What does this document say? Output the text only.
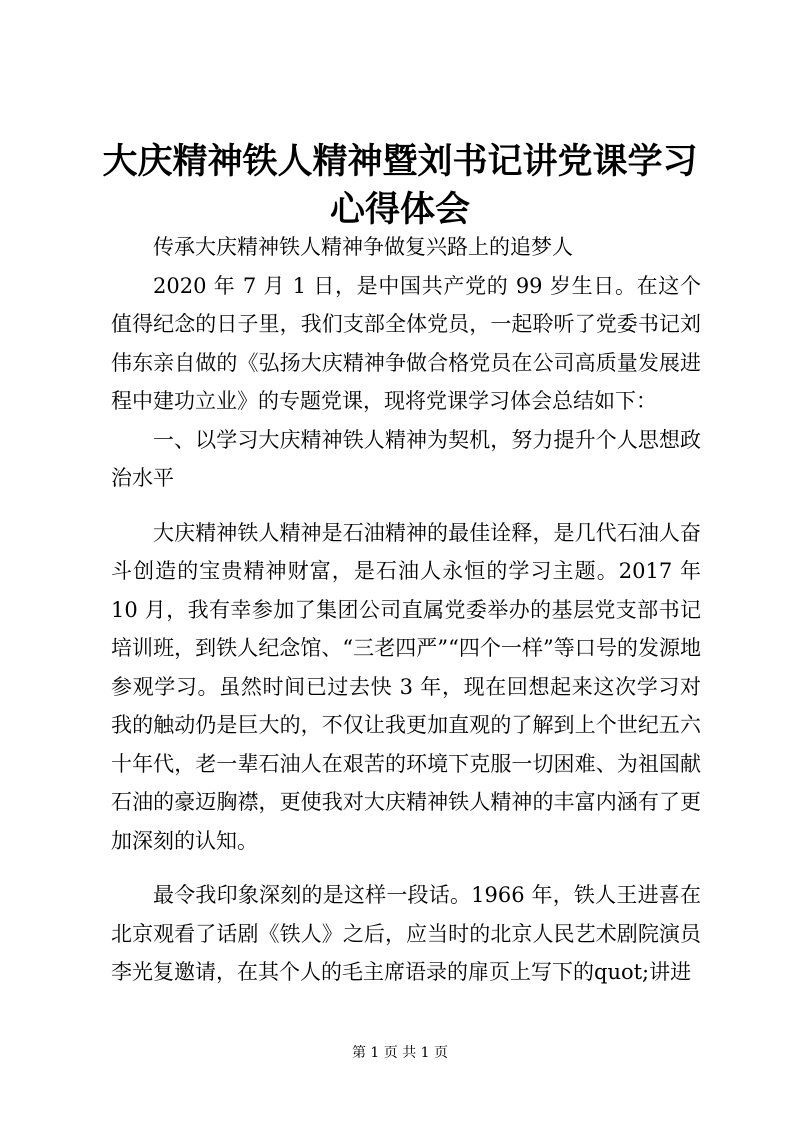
大庆精神铁人精神暨刘书记讲党课学习心得体会

传承大庆精神铁人精神争做复兴路上的追梦人

2020 年 7 月 1 日，是中国共产党的 99 岁生日。在这个值得纪念的日子里，我们支部全体党员，一起聆听了党委书记刘伟东亲自做的《弘扬大庆精神争做合格党员在公司高质量发展进程中建功立业》的专题党课，现将党课学习体会总结如下：

一、以学习大庆精神铁人精神为契机，努力提升个人思想政治水平

大庆精神铁人精神是石油精神的最佳诠释，是几代石油人奋斗创造的宝贵精神财富，是石油人永恒的学习主题。2017 年 10 月，我有幸参加了集团公司直属党委举办的基层党支部书记培训班，到铁人纪念馆、“三老四严”“四个一样”等口号的发源地参观学习。虽然时间已过去快 3 年，现在回想起来这次学习对我的触动仍是巨大的，不仅让我更加直观的了解到上个世纪五六十年代，老一辈石油人在艰苦的环境下克服一切困难、为祖国献石油的豪迈胸襟，更使我对大庆精神铁人精神的丰富内涵有了更加深刻的认知。

最令我印象深刻的是这样一段话。1966 年，铁人王进喜在北京观看了话剧《铁人》之后，应当时的北京人民艺术剧院演员李光复邀请，在其个人的毛主席语录的扉页上写下的quot;讲进

第 1 页 共 1 页
